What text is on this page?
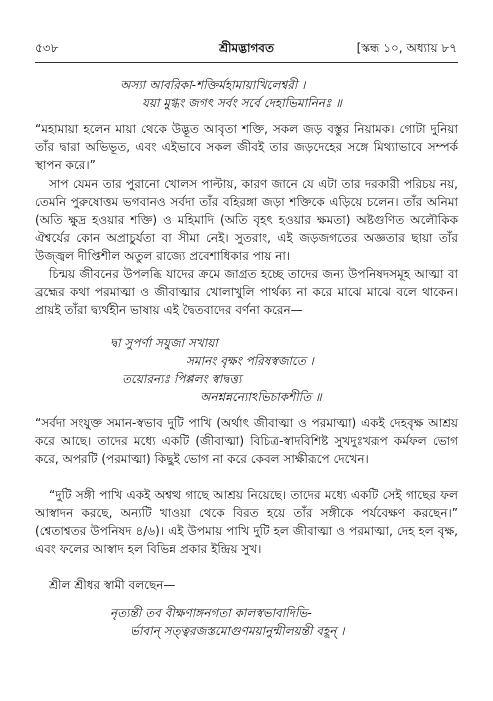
শ্রীমদ্ভাগবত
৫৩৮	[স্কন্ধ ১০, অধ্যায় ৮৭
অস্যা আবরিকা-শক্তির্মহামায়াখিলেশ্বরী ।
যয়া মুগ্ধং জগৎ সর্বং সর্বে দেহাভিমানিনঃ ॥
“মহামায়া হলেন মায়া থেকে উদ্ভূত আবৃতা শক্তি, সকল জড় বস্তুর নিয়ামক। গোটা দুনিয়া তাঁর দ্বারা অভিভূত, এবং এইভাবে সকল জীবই তার জড়দেহের সঙ্গে মিথ্যাভাবে সম্পর্ক স্থাপন করে।”
সাপ যেমন তার পুরানো খোলস পাল্টায়, কারণ জানে যে এটা তার দরকারী পরিচয় নয়, তেমনি পুরুষোত্তম ভগবানও সর্বদা তাঁর বহিরঙ্গা জড়া শক্তিকে এড়িয়ে চলেন। তাঁর অনিমা (অতি ক্ষুদ্র হওয়ার শক্তি) ও মহিমাদি (অতি বৃহৎ হওয়ার ক্ষমতা) অষ্টগুণিত অলৌকিক ঐশ্বর্যের কোন অপ্রাচুর্যতা বা সীমা নেই। সুতরাং, এই জড়জগতের অজ্ঞতার ছায়া তাঁর উজ্জ্বল দীপ্তিশীল অতুল রাজ্যে প্রবেশাধিকার পায় না।
চিন্ময় জীবনের উপলব্ধি যাদের ক্রমে জাগ্রত হচ্ছে তাদের জন্য উপনিষদসমূহ আত্মা বা ব্রহ্মের কথা পরমাত্মা ও জীবাত্মার খোলাখুলি পার্থক্য না করে মাঝে মাঝে বলে থাকেন। প্রায়ই তাঁরা দ্ব্যর্থহীন ভাষায় এই দ্বৈতবাদের বর্ণনা করেন—
দ্বা সুপর্ণা সযুজা সখায়া
সমানং বৃক্ষং পরিষস্বজাতে ।
তয়োরন্যঃ পিপ্পলং স্বাদ্বত্ত্য
অনশ্নন্নন্যোঽভিচাকশীতি ॥
“সর্বদা সংযুক্ত সমান-স্বভাব দুটি পাখি (অর্থাৎ জীবাত্মা ও পরমাত্মা) একই দেহবৃক্ষ আশ্রয় করে আছে। তাদের মধ্যে একটি (জীবাত্মা) বিচিত্র-স্বাদবিশিষ্ট সুখদুঃখরূপ কর্মফল ভোগ করে, অপরটি (পরমাত্মা) কিছুই ভোগ না করে কেবল সাক্ষীরূপে দেখেন।
“দুটি সঙ্গী পাখি একই অশ্বত্থ গাছে আশ্রয় নিয়েছে। তাদের মধ্যে একটি সেই গাছের ফল আস্বাদন করছে, অন্যটি খাওয়া থেকে বিরত হয়ে তাঁর সঙ্গীকে পর্যবেক্ষণ করছেন।” (শ্বেতাশ্বতর উপনিষদ ৪/৬)। এই উপমায় পাখি দুটি হল জীবাত্মা ও পরমাত্মা, দেহ হল বৃক্ষ, এবং ফলের আস্বাদ হল বিভিন্ন প্রকার ইন্দ্রিয় সুখ।
শ্রীল শ্রীধর স্বামী বলছেন—
নৃত্যন্তী তব বীক্ষণাঙ্গনগতা কালস্বভাবাদিভি-
র্ভাবান্ সত্ত্বরজস্তমোগুণময়ানুন্মীলয়ন্তী বহূন্ ।
